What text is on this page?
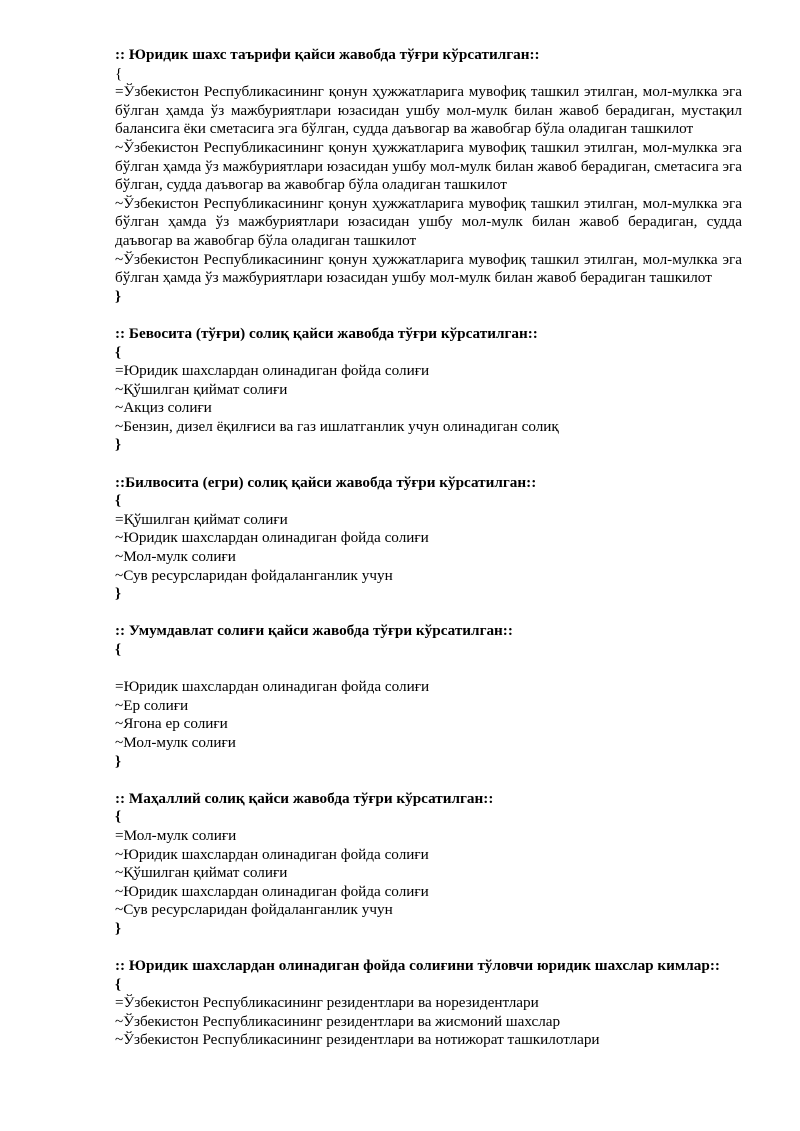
:: Юридик шахс таърифи қайси жавобда тўғри кўрсатилган::
{
=Ўзбекистон Республикасининг қонун ҳужжатларига мувофиқ ташкил этилган, мол-мулкка эга бўлган ҳамда ўз мажбуриятлари юзасидан ушбу мол-мулк билан жавоб берадиган, мустақил балансига ёки сметасига эга бўлган, судда даъвогар ва жавобгар бўла оладиган ташкилот
~Ўзбекистон Республикасининг қонун ҳужжатларига мувофиқ ташкил этилган, мол-мулкка эга бўлган ҳамда ўз мажбуриятлари юзасидан ушбу мол-мулк билан жавоб берадиган, сметасига эга бўлган, судда даъвогар ва жавобгар бўла оладиган ташкилот
~Ўзбекистон Республикасининг қонун ҳужжатларига мувофиқ ташкил этилган, мол-мулкка эга бўлган ҳамда ўз мажбуриятлари юзасидан ушбу мол-мулк билан жавоб берадиган, судда даъвогар ва жавобгар бўла оладиган ташкилот
~Ўзбекистон Республикасининг қонун ҳужжатларига мувофиқ ташкил этилган, мол-мулкка эга бўлган ҳамда ўз мажбуриятлари юзасидан ушбу мол-мулк билан жавоб берадиган ташкилот
}
:: Бевосита (тўғри) солиқ қайси жавобда тўғри кўрсатилган::
{
=Юридик шахслардан олинадиган фойда солиғи
~Қўшилган қиймат солиғи
~Акциз солиғи
~Бензин, дизел ёқилғиси ва газ ишлатганлик учун олинадиган солиқ
}
::Билвосита (егри) солиқ қайси жавобда тўғри кўрсатилган::
{
=Қўшилган қиймат солиғи
~Юридик шахслардан олинадиган фойда солиғи
~Мол-мулк солиғи
~Сув ресурсларидан фойдаланганлик учун
}
:: Умумдавлат солиғи қайси жавобда тўғри кўрсатилган::
{
=Юридик шахслардан олинадиган фойда солиғи
~Ер солиғи
~Ягона ер солиғи
~Мол-мулк солиғи
}
:: Маҳаллий солиқ қайси жавобда тўғри кўрсатилган::
{
=Мол-мулк солиғи
~Юридик шахслардан олинадиган фойда солиғи
~Қўшилган қиймат солиғи
~Юридик шахслардан олинадиган фойда солиғи
~Сув ресурсларидан фойдаланганлик учун
}
:: Юридик шахслардан олинадиган фойда солиғини тўловчи юридик шахслар кимлар::
{
=Ўзбекистон Республикасининг резидентлари ва норезидентлари
~Ўзбекистон Республикасининг резидентлари ва жисмоний шахслар
~Ўзбекистон Республикасининг резидентлари ва нотижорат ташкилотлари
